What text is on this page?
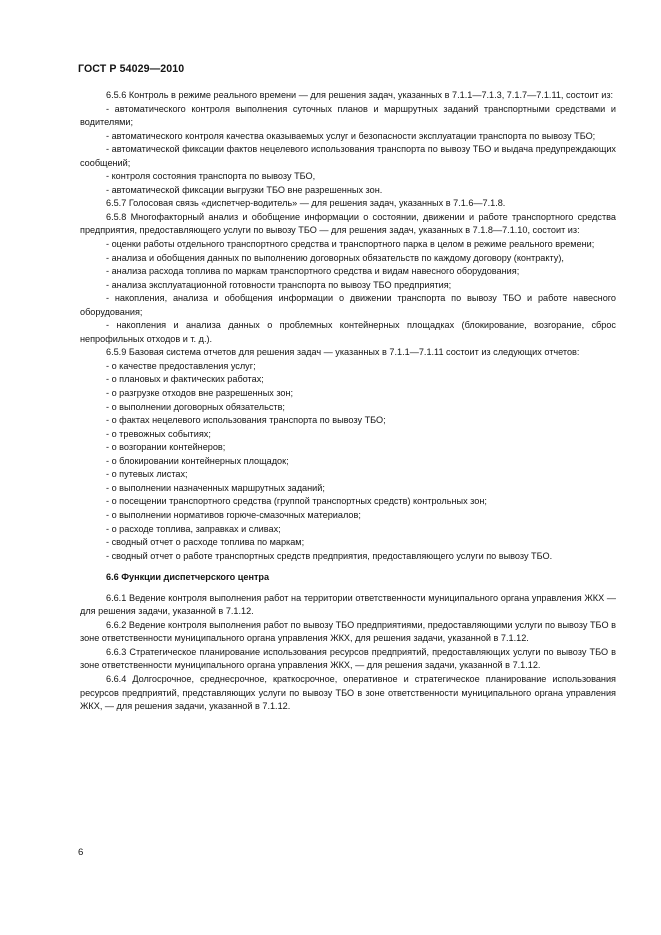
ГОСТ Р 54029—2010

6.5.6 Контроль в режиме реального времени — для решения задач, указанных в 7.1.1—7.1.3, 7.1.7—7.1.11, состоит из:

- автоматического контроля выполнения суточных планов и маршрутных заданий транспортными средствами и водителями;

- автоматического контроля качества оказываемых услуг и безопасности эксплуатации транспорта по вывозу ТБО;

- автоматической фиксации фактов нецелевого использования транспорта по вывозу ТБО и выдача предупреждающих сообщений;

- контроля состояния транспорта по вывозу ТБО,

- автоматической фиксации выгрузки ТБО вне разрешенных зон.

6.5.7 Голосовая связь «диспетчер-водитель» — для решения задач, указанных в 7.1.6—7.1.8.

6.5.8 Многофакторный анализ и обобщение информации о состоянии, движении и работе транспортного средства предприятия, предоставляющего услуги по вывозу ТБО — для решения задач, указанных в 7.1.8—7.1.10, состоит из:

- оценки работы отдельного транспортного средства и транспортного парка в целом в режиме реального времени;

- анализа и обобщения данных по выполнению договорных обязательств по каждому договору (контракту),

- анализа расхода топлива по маркам транспортного средства и видам навесного оборудования;

- анализа эксплуатационной готовности транспорта по вывозу ТБО предприятия;

- накопления, анализа и обобщения информации о движении транспорта по вывозу ТБО и работе навесного оборудования;

- накопления и анализа данных о проблемных контейнерных площадках (блокирование, возгорание, сброс непрофильных отходов и т. д.).

6.5.9 Базовая система отчетов для решения задач — указанных в 7.1.1—7.1.11 состоит из следующих отчетов:

- о качестве предоставления услуг;

- о плановых и фактических работах;

- о разгрузке отходов вне разрешенных зон;

- о выполнении договорных обязательств;

- о фактах нецелевого использования транспорта по вывозу ТБО;

- о тревожных событиях;

- о возгорании контейнеров;

- о блокировании контейнерных площадок;

- о путевых листах;

- о выполнении назначенных маршрутных заданий;

- о посещении транспортного средства (группой транспортных средств) контрольных зон;

- о выполнении нормативов горюче-смазочных материалов;

- о расходе топлива, заправках и сливах;

- сводный отчет о расходе топлива по маркам;

- сводный отчет о работе транспортных средств предприятия, предоставляющего услуги по вывозу ТБО.

6.6 Функции диспетчерского центра

6.6.1 Ведение контроля выполнения работ на территории ответственности муниципального органа управления ЖКХ — для решения задачи, указанной в 7.1.12.

6.6.2 Ведение контроля выполнения работ по вывозу ТБО предприятиями, предоставляющими услуги по вывозу ТБО в зоне ответственности муниципального органа управления ЖКХ, для решения задачи, указанной в 7.1.12.

6.6.3 Стратегическое планирование использования ресурсов предприятий, предоставляющих услуги по вывозу ТБО в зоне ответственности муниципального органа управления ЖКХ, — для решения задачи, указанной в 7.1.12.

6.6.4 Долгосрочное, среднесрочное, краткосрочное, оперативное и стратегическое планирование использования ресурсов предприятий, представляющих услуги по вывозу ТБО в зоне ответственности муниципального органа управления ЖКХ, — для решения задачи, указанной в 7.1.12.

6
